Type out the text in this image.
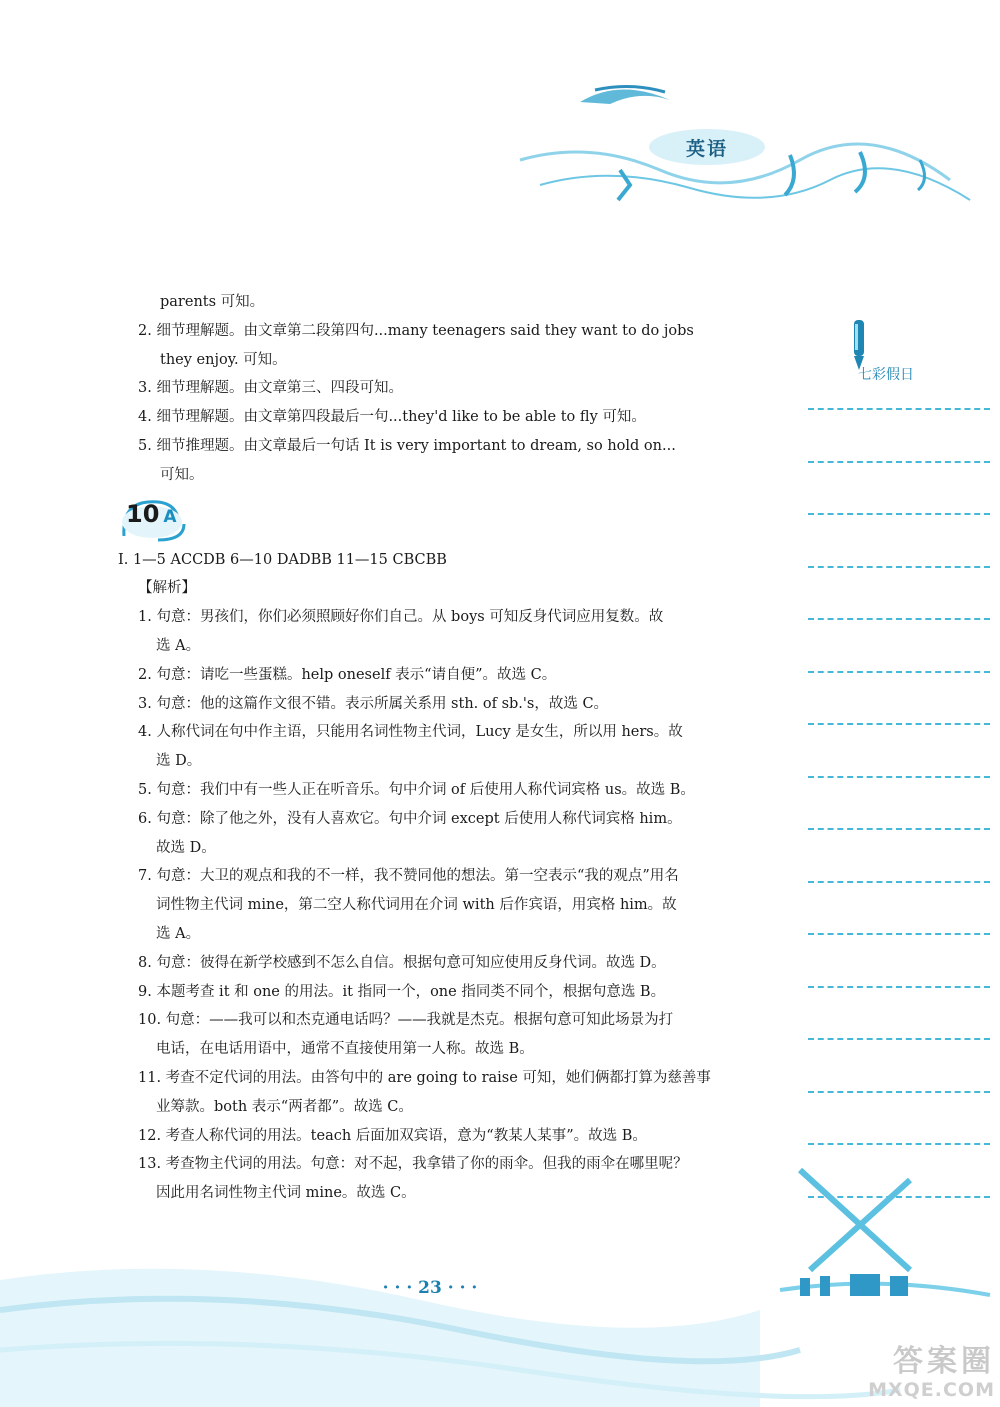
英语
七彩假日
parents 可知。
2. 细节理解题。由文章第二段第四句...many teenagers said they want to do jobs
they enjoy. 可知。
3. 细节理解题。由文章第三、四段可知。
4. 细节理解题。由文章第四段最后一句...they'd like to be able to fly 可知。
5. 细节推理题。由文章最后一句话 It is very important to dream, so hold on...
可知。
10 A
Ⅰ. 1—5 ACCDB 6—10 DADBB 11—15 CBCBB
【解析】
1. 句意：男孩们，你们必须照顾好你们自己。从 boys 可知反身代词应用复数。故
选 A。
2. 句意：请吃一些蛋糕。help oneself 表示“请自便”。故选 C。
3. 句意：他的这篇作文很不错。表示所属关系用 sth. of sb.'s，故选 C。
4. 人称代词在句中作主语，只能用名词性物主代词，Lucy 是女生，所以用 hers。故
选 D。
5. 句意：我们中有一些人正在听音乐。句中介词 of 后使用人称代词宾格 us。故选 B。
6. 句意：除了他之外，没有人喜欢它。句中介词 except 后使用人称代词宾格 him。
故选 D。
7. 句意：大卫的观点和我的不一样，我不赞同他的想法。第一空表示“我的观点”用名
词性物主代词 mine，第二空人称代词用在介词 with 后作宾语，用宾格 him。故
选 A。
8. 句意：彼得在新学校感到不怎么自信。根据句意可知应使用反身代词。故选 D。
9. 本题考查 it 和 one 的用法。it 指同一个，one 指同类不同个，根据句意选 B。
10. 句意：——我可以和杰克通电话吗？——我就是杰克。根据句意可知此场景为打
电话，在电话用语中，通常不直接使用第一人称。故选 B。
11. 考查不定代词的用法。由答句中的 are going to raise 可知，她们俩都打算为慈善事
业筹款。both 表示“两者都”。故选 C。
12. 考查人称代词的用法。teach 后面加双宾语，意为“教某人某事”。故选 B。
13. 考查物主代词的用法。句意：对不起，我拿错了你的雨伞。但我的雨伞在哪里呢？
因此用名词性物主代词 mine。故选 C。
· · · 23 · · ·
答案圈
MXQE.COM
